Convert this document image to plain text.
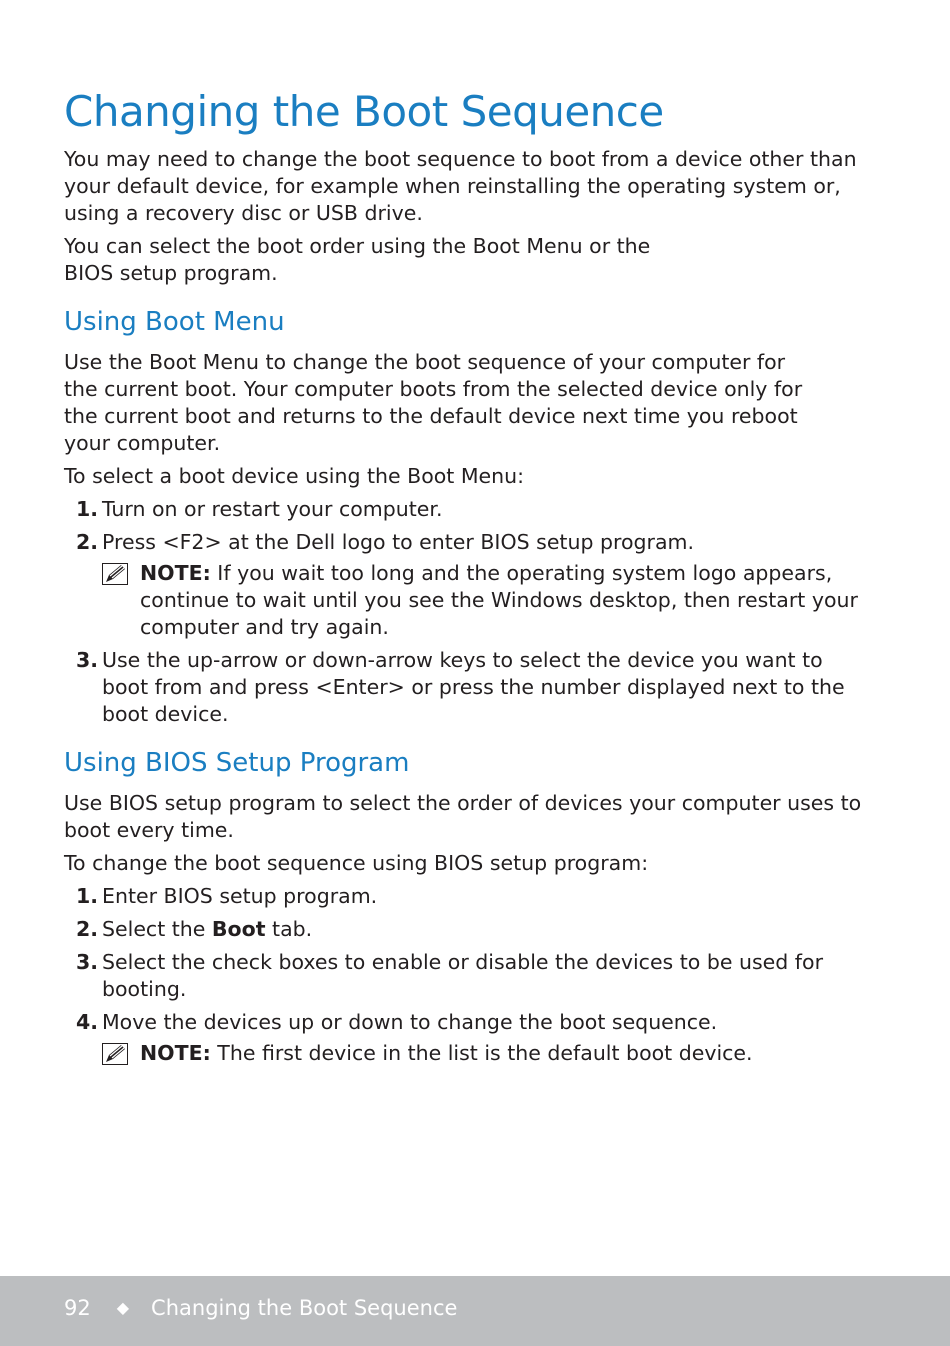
Changing the Boot Sequence

You may need to change the boot sequence to boot from a device other than your default device, for example when reinstalling the operating system or, using a recovery disc or USB drive.

You can select the boot order using the Boot Menu or the BIOS setup program.

Using Boot Menu

Use the Boot Menu to change the boot sequence of your computer for the current boot. Your computer boots from the selected device only for the current boot and returns to the default device next time you reboot your computer.

To select a boot device using the Boot Menu:

1. Turn on or restart your computer.
2. Press <F2> at the Dell logo to enter BIOS setup program.
NOTE: If you wait too long and the operating system logo appears, continue to wait until you see the Windows desktop, then restart your computer and try again.
3. Use the up-arrow or down-arrow keys to select the device you want to boot from and press <Enter> or press the number displayed next to the boot device.
Using BIOS Setup Program

Use BIOS setup program to select the order of devices your computer uses to boot every time.

To change the boot sequence using BIOS setup program:

1. Enter BIOS setup program.
2. Select the Boot tab.
3. Select the check boxes to enable or disable the devices to be used for booting.
4. Move the devices up or down to change the boot sequence.
NOTE: The first device in the list is the default boot device.
92 ◆ Changing the Boot Sequence
